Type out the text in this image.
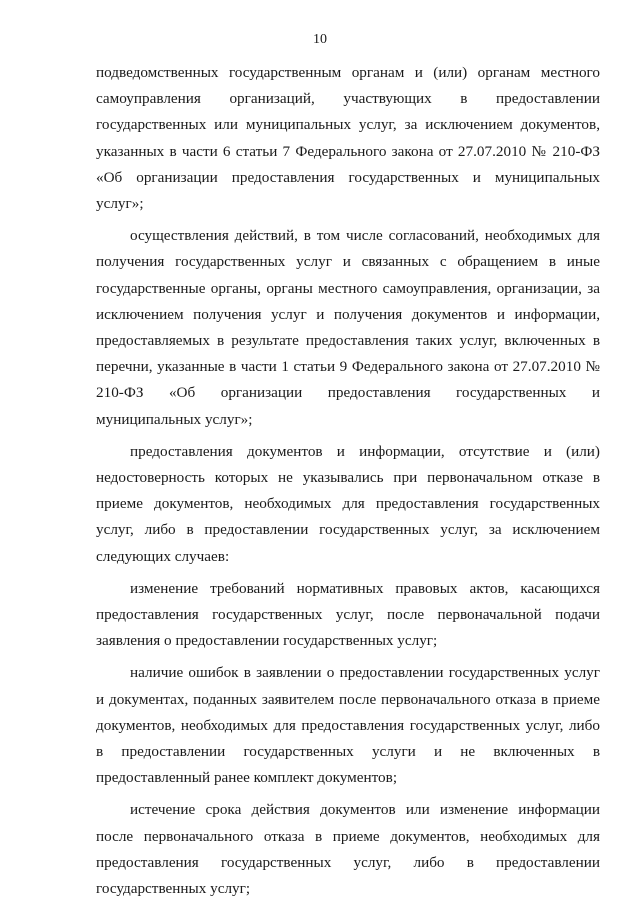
10

подведомственных государственным органам и (или) органам местного самоуправления организаций, участвующих в предоставлении государственных или муниципальных услуг, за исключением документов, указанных в части 6 статьи 7 Федерального закона от 27.07.2010 № 210-ФЗ «Об организации предоставления государственных и муниципальных услуг»;

осуществления действий, в том числе согласований, необходимых для получения государственных услуг и связанных с обращением в иные государственные органы, органы местного самоуправления, организации, за исключением получения услуг и получения документов и информации, предоставляемых в результате предоставления таких услуг, включенных в перечни, указанные в части 1 статьи 9 Федерального закона от 27.07.2010 № 210-ФЗ «Об организации предоставления государственных и муниципальных услуг»;

предоставления документов и информации, отсутствие и (или) недостоверность которых не указывались при первоначальном отказе в приеме документов, необходимых для предоставления государственных услуг, либо в предоставлении государственных услуг, за исключением следующих случаев:

изменение требований нормативных правовых актов, касающихся предоставления государственных услуг, после первоначальной подачи заявления о предоставлении государственных услуг;

наличие ошибок в заявлении о предоставлении государственных услуг и документах, поданных заявителем после первоначального отказа в приеме документов, необходимых для предоставления государственных услуг, либо в предоставлении государственных услуги и не включенных в предоставленный ранее комплект документов;

истечение срока действия документов или изменение информации после первоначального отказа в приеме документов, необходимых для предоставления государственных услуг, либо в предоставлении государственных услуг;
